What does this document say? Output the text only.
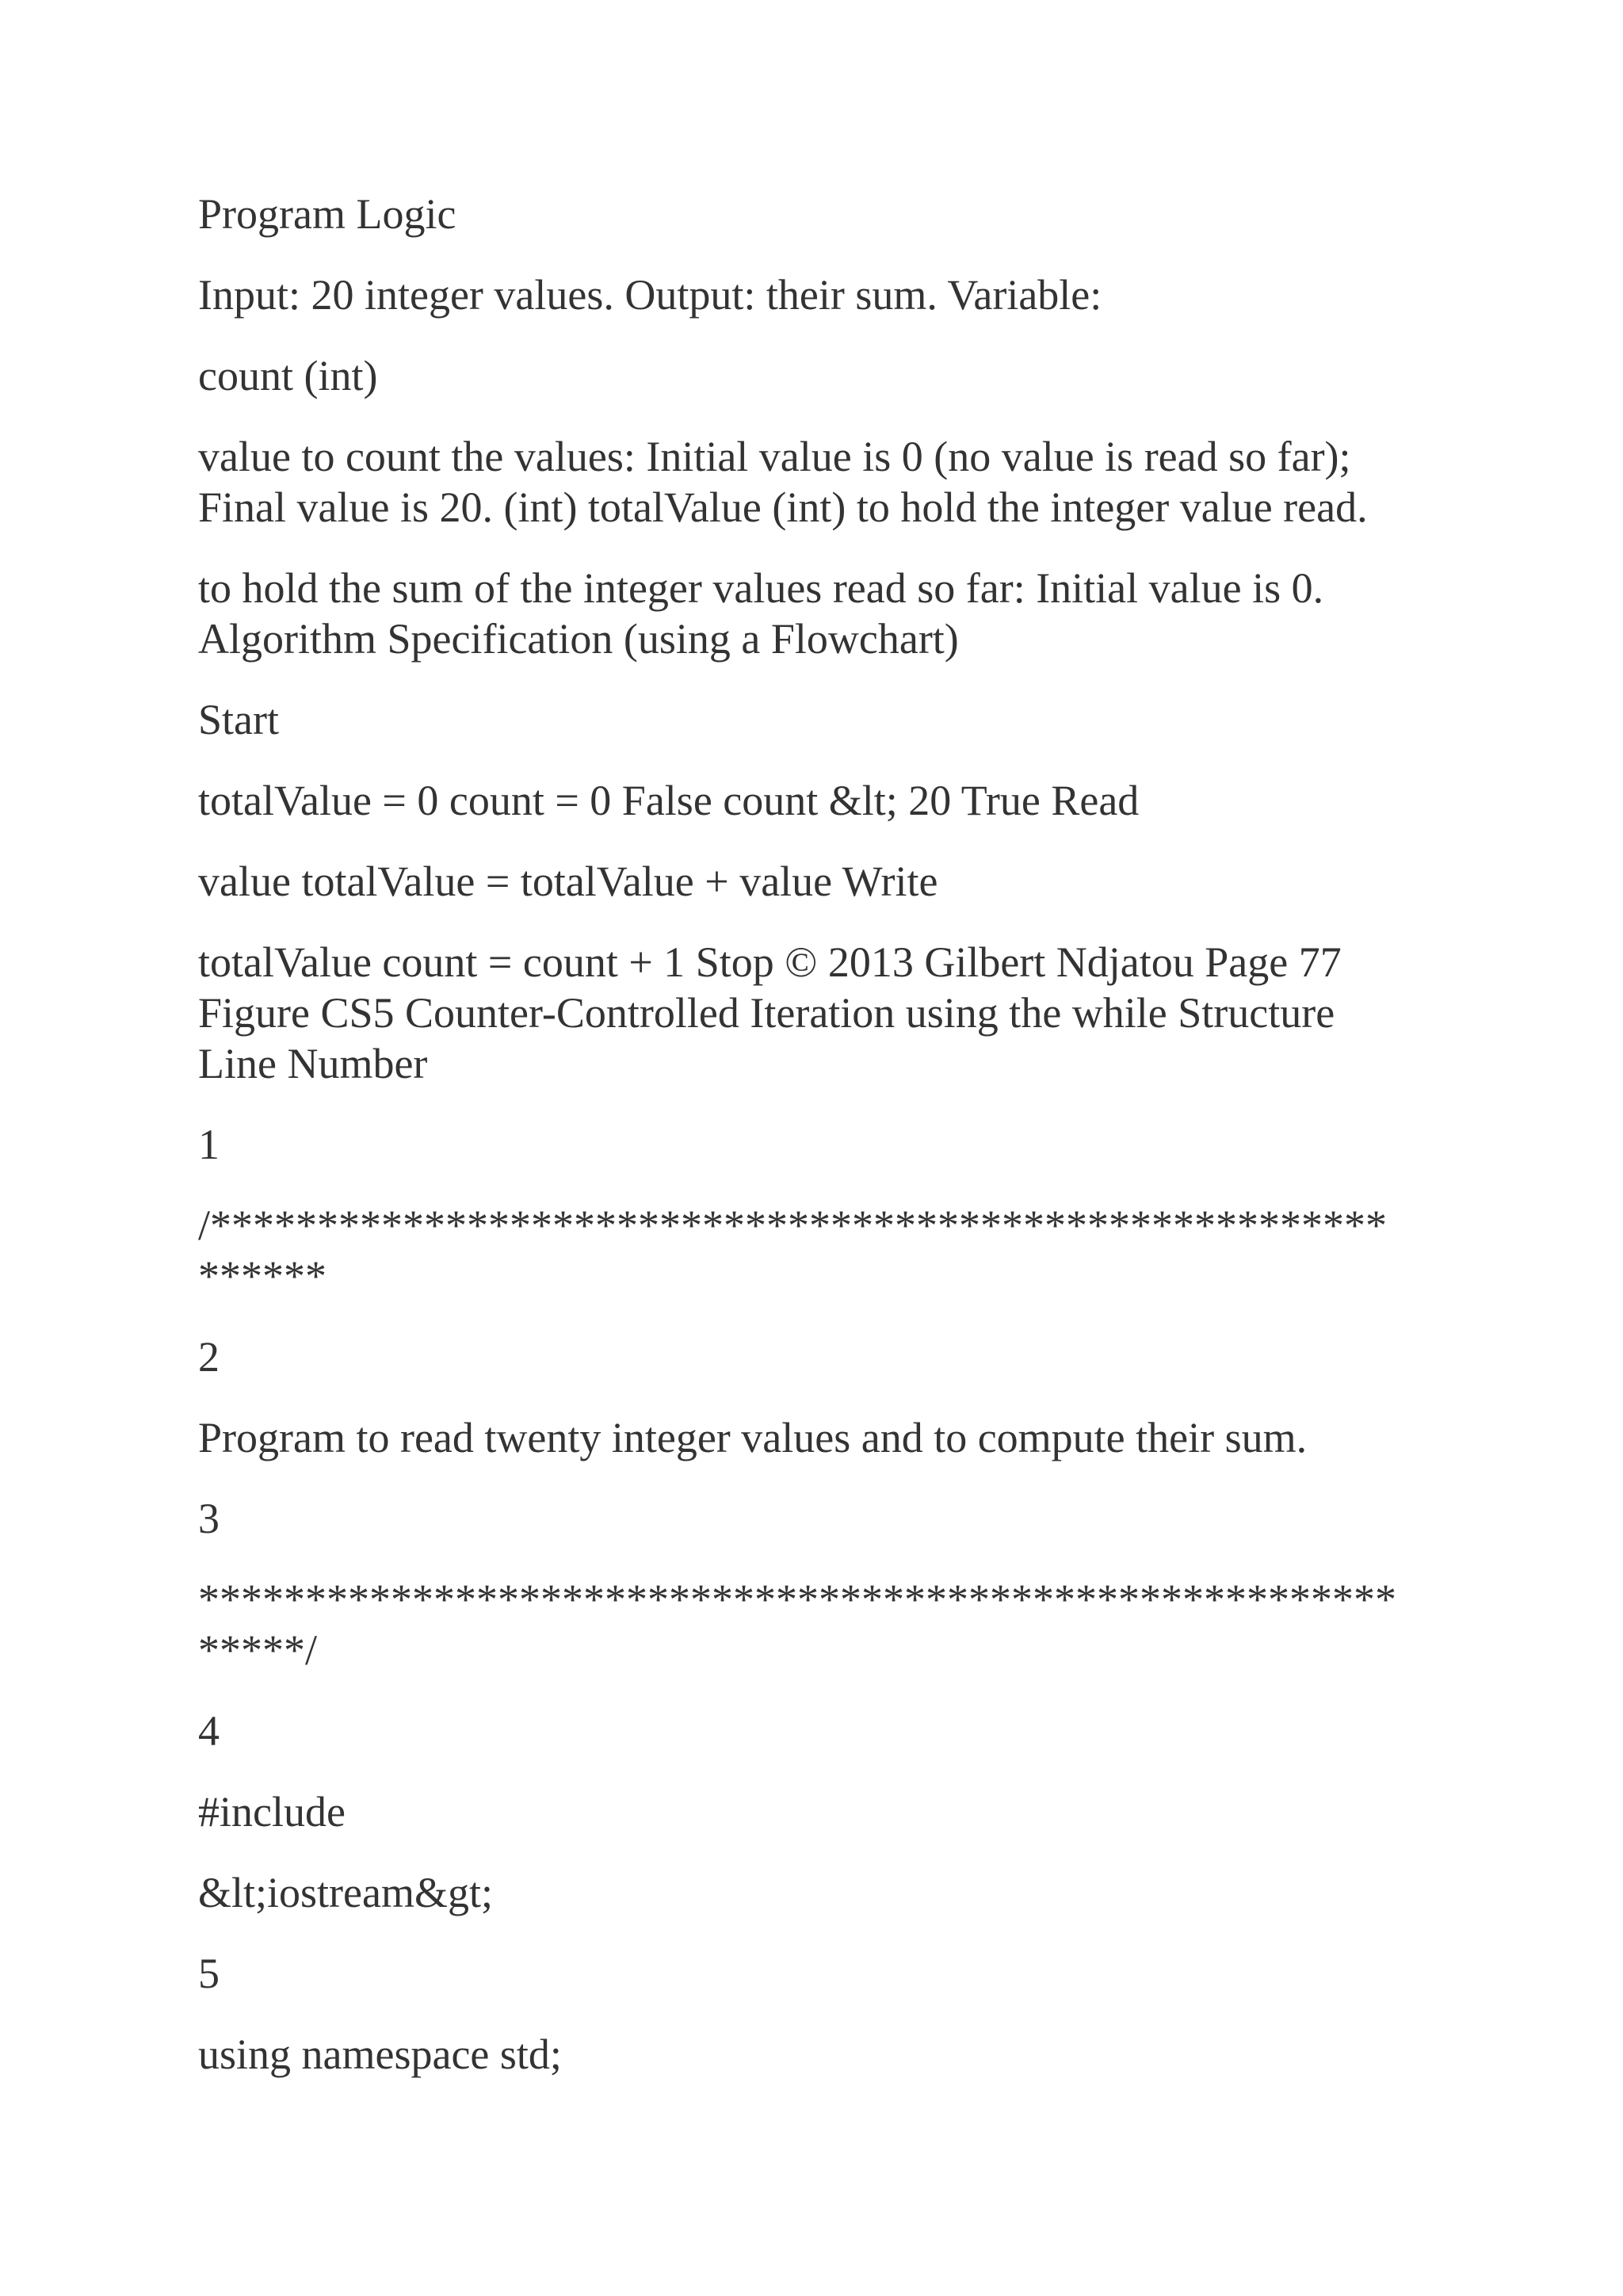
Program Logic

Input: 20 integer values. Output: their sum. Variable:

count (int)

value to count the values: Initial value is 0 (no value is read so far);
Final value is 20. (int) totalValue (int) to hold the integer value read.

to hold the sum of the integer values read so far: Initial value is 0.
Algorithm Specification (using a Flowchart)

Start

totalValue = 0 count = 0 False count &lt; 20 True Read

value totalValue = totalValue + value Write

totalValue count = count + 1 Stop © 2013 Gilbert Ndjatou Page 77
Figure CS5 Counter-Controlled Iteration using the while Structure
Line Number

1

/*******************************************************
******

2

Program to read twenty integer values and to compute their sum.

3

********************************************************
*****/

4

#include

&lt;iostream&gt;

5

using namespace std;
